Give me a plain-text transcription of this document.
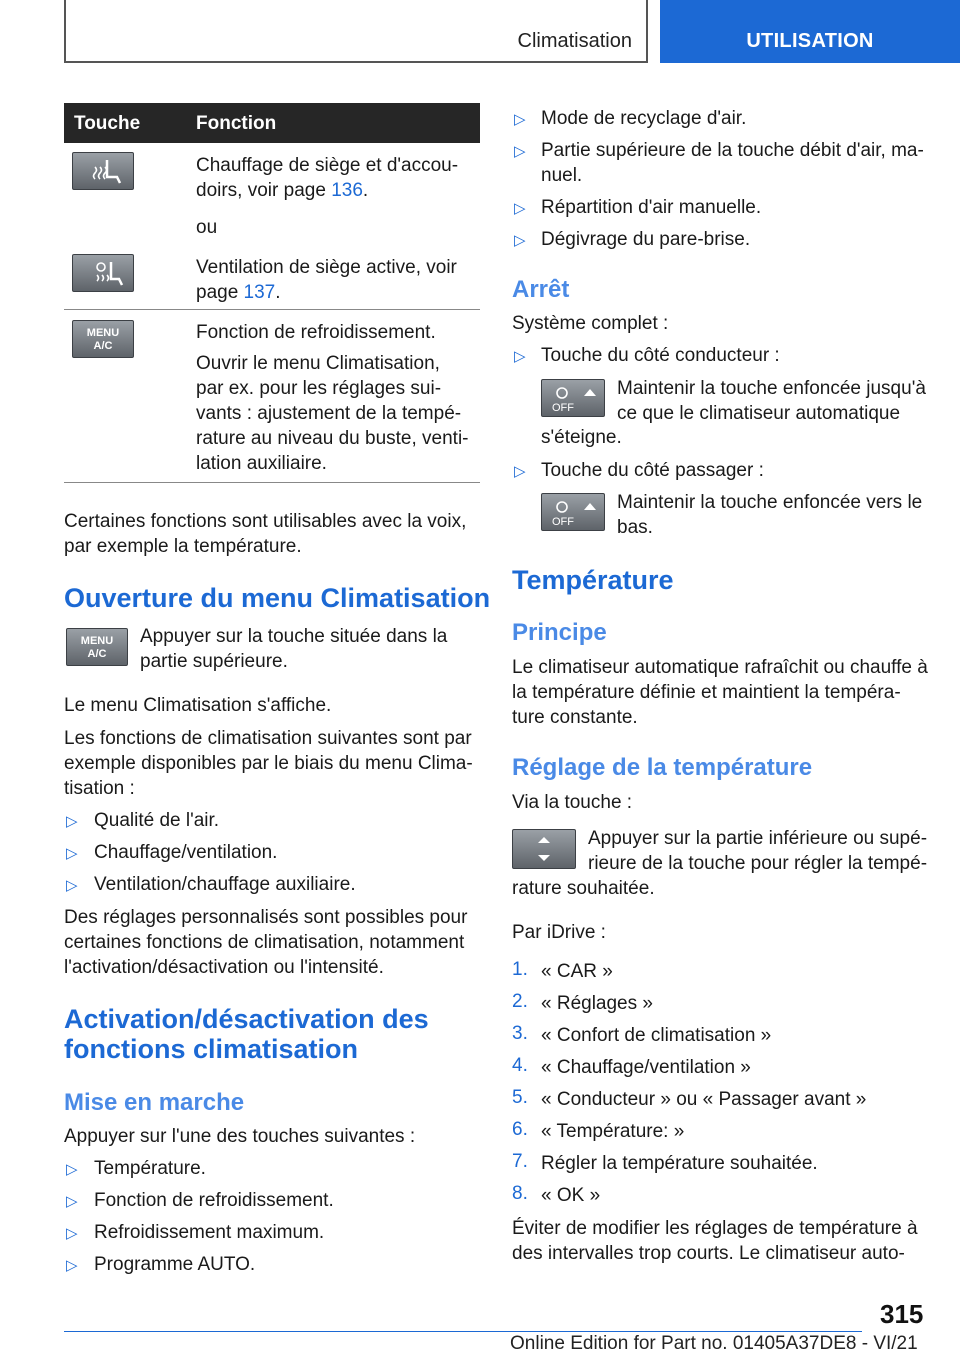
Climatisation	UTILISATION
Touche	Fonction
Chauffage de siège et d'accou-
doirs, voir page 136.
ou
Ventilation de siège active, voir
page 137.
MENU
A/C
Fonction de refroidissement.
Ouvrir le menu Climatisation,
par ex. pour les réglages sui-
vants : ajustement de la tempé-
rature au niveau du buste, venti-
lation auxiliaire.
Certaines fonctions sont utilisables avec la voix,
par exemple la température.
Ouverture du menu Climatisation
MENU
A/C
Appuyer sur la touche située dans la
partie supérieure.
Le menu Climatisation s'affiche.
Les fonctions de climatisation suivantes sont par
exemple disponibles par le biais du menu Clima-
tisation :
▷ Qualité de l'air.
▷ Chauffage/ventilation.
▷ Ventilation/chauffage auxiliaire.
Des réglages personnalisés sont possibles pour
certaines fonctions de climatisation, notamment
l'activation/désactivation ou l'intensité.
Activation/désactivation des
fonctions climatisation
Mise en marche
Appuyer sur l'une des touches suivantes :
▷ Température.
▷ Fonction de refroidissement.
▷ Refroidissement maximum.
▷ Programme AUTO.
▷ Mode de recyclage d'air.
▷ Partie supérieure de la touche débit d'air, ma-
nuel.
▷ Répartition d'air manuelle.
▷ Dégivrage du pare-brise.
Arrêt
Système complet :
▷ Touche du côté conducteur :
OFF
Maintenir la touche enfoncée jusqu'à
ce que le climatiseur automatique
s'éteigne.
▷ Touche du côté passager :
OFF
Maintenir la touche enfoncée vers le
bas.
Température
Principe
Le climatiseur automatique rafraîchit ou chauffe à
la température définie et maintient la tempéra-
ture constante.
Réglage de la température
Via la touche :
Appuyer sur la partie inférieure ou supé-
rieure de la touche pour régler la tempé-
rature souhaitée.
Par iDrive :
1. « CAR »
2. « Réglages »
3. « Confort de climatisation »
4. « Chauffage/ventilation »
5. « Conducteur » ou « Passager avant »
6. « Température: »
7. Régler la température souhaitée.
8. « OK »
Éviter de modifier les réglages de température à
des intervalles trop courts. Le climatiseur auto-
315
Online Edition for Part no. 01405A37DE8 - VI/21
